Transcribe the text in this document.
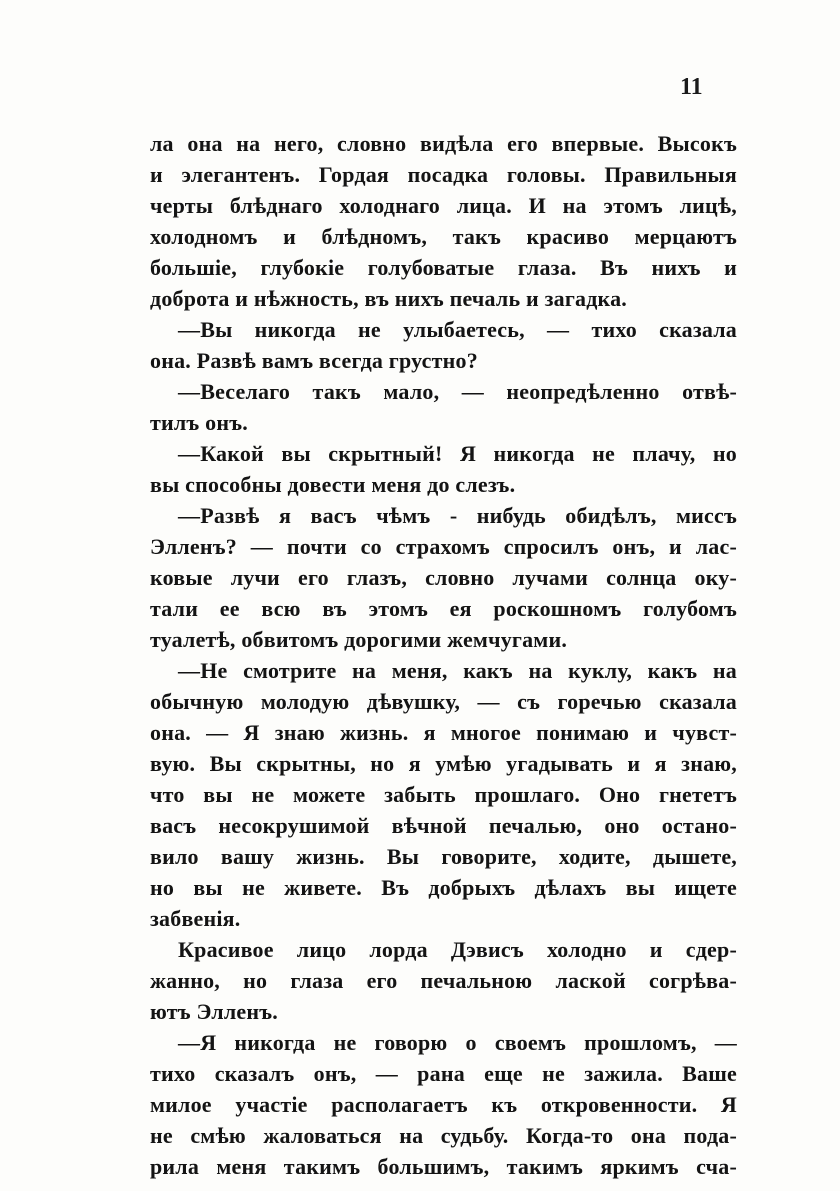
11
ла она на него, словно видѣла его впервые. Высокъ
и элегантенъ. Гордая посадка головы. Правильныя
черты блѣднаго холоднаго лица. И на этомъ лицѣ,
холодномъ и блѣдномъ, такъ красиво мерцаютъ
большіе, глубокіе голубоватые глаза. Въ нихъ и
доброта и нѣжность, въ нихъ печаль и загадка.
—Вы никогда не улыбаетесь, — тихо сказала
она. Развѣ вамъ всегда грустно?
—Веселаго такъ мало, — неопредѣленно отвѣ-
тилъ онъ.
—Какой вы скрытный! Я никогда не плачу, но
вы способны довести меня до слезъ.
—Развѣ я васъ чѣмъ - нибудь обидѣлъ, миссъ
Элленъ? — почти со страхомъ спросилъ онъ, и лас-
ковые лучи его глазъ, словно лучами солнца оку-
тали ее всю въ этомъ ея роскошномъ голубомъ
туалетѣ, обвитомъ дорогими жемчугами.
—Не смотрите на меня, какъ на куклу, какъ на
обычную молодую дѣвушку, — съ горечью сказала
она. — Я знаю жизнь. я многое понимаю и чувст-
вую. Вы скрытны, но я умѣю угадывать и я знаю,
что вы не можете забыть прошлаго. Оно гнететъ
васъ несокрушимой вѣчной печалью, оно остано-
вило вашу жизнь. Вы говорите, ходите, дышете,
но вы не живете. Въ добрыхъ дѣлахъ вы ищете
забвенія.
Красивое лицо лорда Дэвисъ холодно и сдер-
жанно, но глаза его печальною лаской согрѣва-
ютъ Элленъ.
—Я никогда не говорю о своемъ прошломъ, —
тихо сказалъ онъ, — рана еще не зажила. Ваше
милое участіе располагаетъ къ откровенности. Я
не смѣю жаловаться на судьбу. Когда-то она пода-
рила меня такимъ большимъ, такимъ яркимъ сча-
